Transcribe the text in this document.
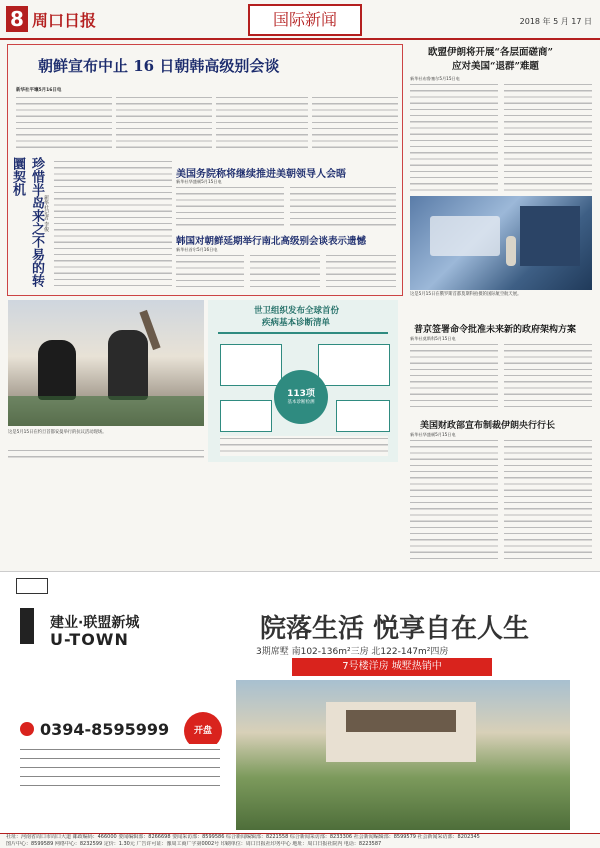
8 周口日报	国际新闻	2018 年 5 月 17 日
朝鲜宣布中止 16 日朝韩高级别会谈
新华社平壤5月16日电
珍惜半岛来之不易的转圜契机
新华社记者 李俊
美国务院称将继续推进美朝领导人会晤
新华社华盛顿5月15日电
韩国对朝鲜延期举行南北高级别会谈表示遗憾
新华社首尔5月16日电
欧盟伊朗将开展“各层面磋商”
应对美国“退群”难题
新华社布鲁塞尔5月15日电
这是5月15日在俄罗斯首都莫斯科拍摄的国际航空航天展。
普京签署命令批准未来新的政府架构方案
新华社莫斯科5月15日电
美国财政部宣布制裁伊朗央行行长
新华社华盛顿5月15日电
这是5月15日在约旦首都安曼举行的抗议活动现场。
世卫组织发布全球首份
疾病基本诊断清单
113项
基本诊断检测
建业·联盟新城
U-TOWN	院落生活 悦享自在人生
3期席墅 南102-136m²三房 北122-147m²四房
7号楼洋房 城墅热销中
开盘
0394-8595999
社址：河南省周口市周口大道 邮政编码：466000 要闻编辑部：8266698 要闻采访部：8599586 综合新闻编辑部：8221558 综合新闻采访部：8233306 社会新闻编辑部：8599579 社会新闻采访部：8202345
图片中心：8599589 网络中心：8232599 定价：1.30元 广告许可证：豫周工商广字第0002号 印刷单位：周口日报社印务中心 地址：周口日报社院内 电话：8223587
